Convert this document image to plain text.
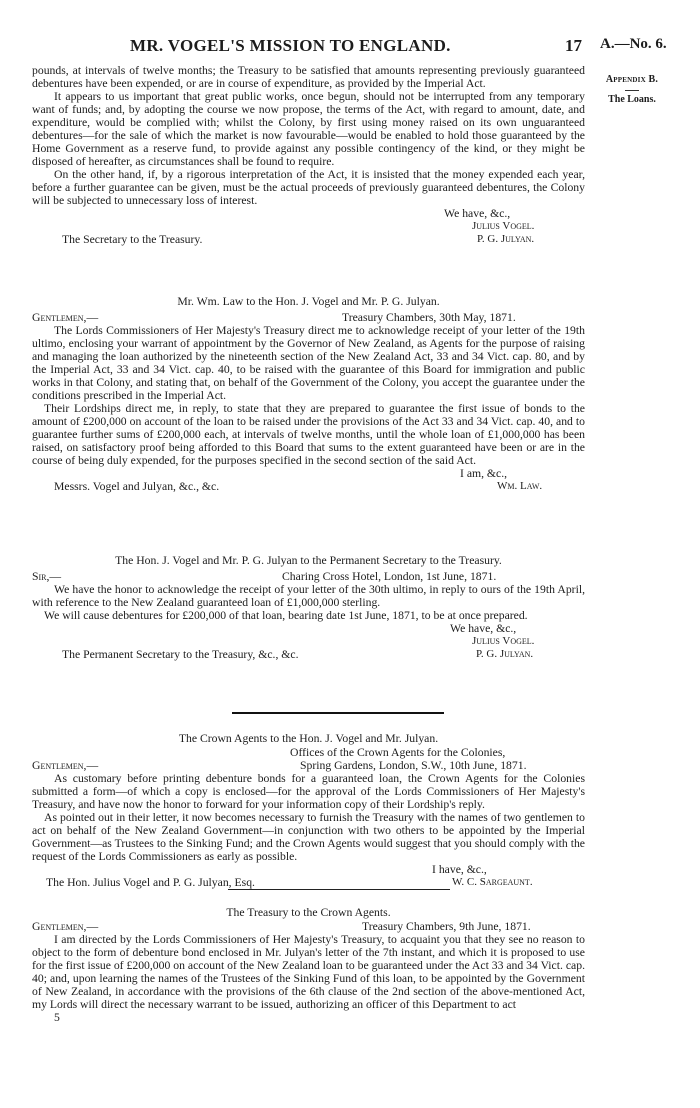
MR. VOGEL'S MISSION TO ENGLAND.	17 A.—No. 6.
Appendix B.
The Loans.

pounds, at intervals of twelve months; the Treasury to be satisfied that amounts representing previously guaranteed debentures have been expended, or are in course of expenditure, as provided by the Imperial Act.

It appears to us important that great public works, once begun, should not be interrupted from any temporary want of funds; and, by adopting the course we now propose, the terms of the Act, with regard to amount, date, and expenditure, would be complied with; whilst the Colony, by first using money raised on its own unguaranteed debentures—for the sale of which the market is now favourable—would be enabled to hold those guaranteed by the Home Government as a reserve fund, to provide against any possible contingency of the kind, or they might be disposed of hereafter, as circumstances shall be found to require.

On the other hand, if, by a rigorous interpretation of the Act, it is insisted that the money expended each year, before a further guarantee can be given, must be the actual proceeds of previously guaranteed debentures, the Colony will be subjected to unnecessary loss of interest.

We have, &c.,
Julius Vogel.
The Secretary to the Treasury.	P. G. Julyan.
Mr. Wm. Law to the Hon. J. Vogel and Mr. P. G. Julyan.
Gentlemen,—	Treasury Chambers, 30th May, 1871.

The Lords Commissioners of Her Majesty's Treasury direct me to acknowledge receipt of your letter of the 19th ultimo, enclosing your warrant of appointment by the Governor of New Zealand, as Agents for the purpose of raising and managing the loan authorized by the nineteenth section of the New Zealand Act, 33 and 34 Vict. cap. 80, and by the Imperial Act, 33 and 34 Vict. cap. 40, to be raised with the guarantee of this Board for immigration and public works in that Colony, and stating that, on behalf of the Government of the Colony, you accept the guarantee under the conditions prescribed in the Imperial Act.

Their Lordships direct me, in reply, to state that they are prepared to guarantee the first issue of bonds to the amount of £200,000 on account of the loan to be raised under the provisions of the Act 33 and 34 Vict. cap. 40, and to guarantee further sums of £200,000 each, at intervals of twelve months, until the whole loan of £1,000,000 has been raised, on satisfactory proof being afforded to this Board that sums to the extent guaranteed have been or are in the course of being duly expended, for the purposes specified in the second section of the said Act.

I am, &c.,
Messrs. Vogel and Julyan, &c., &c.	Wm. Law.
The Hon. J. Vogel and Mr. P. G. Julyan to the Permanent Secretary to the Treasury.
Sir,—	Charing Cross Hotel, London, 1st June, 1871.

We have the honor to acknowledge the receipt of your letter of the 30th ultimo, in reply to ours of the 19th April, with reference to the New Zealand guaranteed loan of £1,000,000 sterling.

We will cause debentures for £200,000 of that loan, bearing date 1st June, 1871, to be at once prepared.

We have, &c.,
Julius Vogel.
The Permanent Secretary to the Treasury, &c., &c.	P. G. Julyan.
The Crown Agents to the Hon. J. Vogel and Mr. Julyan.
Offices of the Crown Agents for the Colonies,
Gentlemen,—	Spring Gardens, London, S.W., 10th June, 1871.

As customary before printing debenture bonds for a guaranteed loan, the Crown Agents for the Colonies submitted a form—of which a copy is enclosed—for the approval of the Lords Commissioners of Her Majesty's Treasury, and have now the honor to forward for your information copy of their Lordship's reply.

As pointed out in their letter, it now becomes necessary to furnish the Treasury with the names of two gentlemen to act on behalf of the New Zealand Government—in conjunction with two others to be appointed by the Imperial Government—as Trustees to the Sinking Fund; and the Crown Agents would suggest that you should comply with the request of the Lords Commissioners as early as possible.

I have, &c.,
The Hon. Julius Vogel and P. G. Julyan, Esq.	W. C. Sargeaunt.
The Treasury to the Crown Agents.
Gentlemen,—	Treasury Chambers, 9th June, 1871.

I am directed by the Lords Commissioners of Her Majesty's Treasury, to acquaint you that they see no reason to object to the form of debenture bond enclosed in Mr. Julyan's letter of the 7th instant, and which it is proposed to use for the first issue of £200,000 on account of the New Zealand loan to be guaranteed under the Act 33 and 34 Vict. cap. 40; and, upon learning the names of the Trustees of the Sinking Fund of this loan, to be appointed by the Government of New Zealand, in accordance with the provisions of the 6th clause of the 2nd section of the above-mentioned Act, my Lords will direct the necessary warrant to be issued, authorizing an officer of this Department to act

5
